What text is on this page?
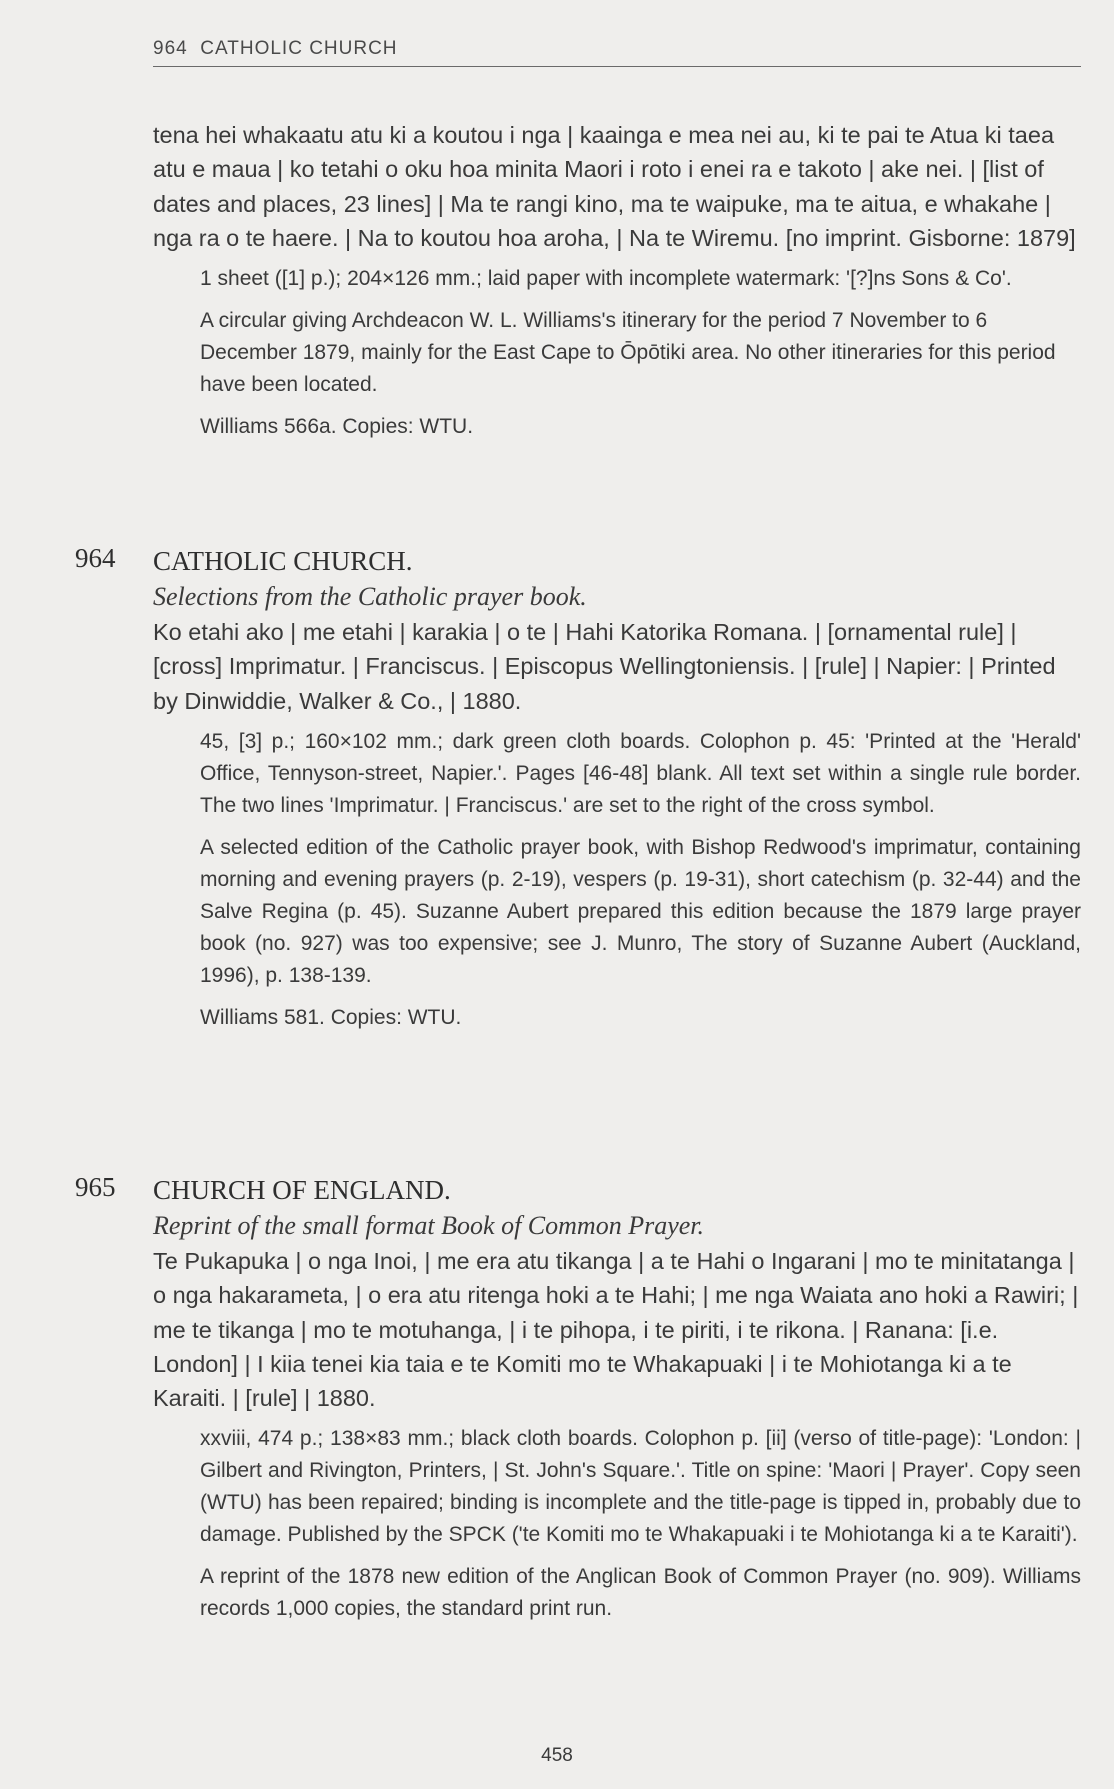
964 CATHOLIC CHURCH

tena hei whakaatu atu ki a koutou i nga | kaainga e mea nei au, ki te pai te Atua ki taea atu e maua | ko tetahi o oku hoa minita Maori i roto i enei ra e takoto | ake nei. | [list of dates and places, 23 lines] | Ma te rangi kino, ma te waipuke, ma te aitua, e whakahe | nga ra o te haere. | Na to koutou hoa aroha, | Na te Wiremu. [no imprint. Gisborne: 1879]

1 sheet ([1] p.); 204×126 mm.; laid paper with incomplete watermark: '[?]ns Sons & Co'.

A circular giving Archdeacon W. L. Williams's itinerary for the period 7 November to 6 December 1879, mainly for the East Cape to Ōpōtiki area. No other itineraries for this period have been located.

Williams 566a. Copies: WTU.

964 CATHOLIC CHURCH.

Selections from the Catholic prayer book.

Ko etahi ako | me etahi | karakia | o te | Hahi Katorika Romana. | [ornamental rule] | [cross] Imprimatur. | Franciscus. | Episcopus Wellingtoniensis. | [rule] | Napier: | Printed by Dinwiddie, Walker & Co., | 1880.

45, [3] p.; 160×102 mm.; dark green cloth boards. Colophon p. 45: 'Printed at the 'Herald' Office, Tennyson-street, Napier.'. Pages [46-48] blank. All text set within a single rule border. The two lines 'Imprimatur. | Franciscus.' are set to the right of the cross symbol.

A selected edition of the Catholic prayer book, with Bishop Redwood's imprimatur, containing morning and evening prayers (p. 2-19), vespers (p. 19-31), short catechism (p. 32-44) and the Salve Regina (p. 45). Suzanne Aubert prepared this edition because the 1879 large prayer book (no. 927) was too expensive; see J. Munro, The story of Suzanne Aubert (Auckland, 1996), p. 138-139.

Williams 581. Copies: WTU.

965 CHURCH OF ENGLAND.

Reprint of the small format Book of Common Prayer.

Te Pukapuka | o nga Inoi, | me era atu tikanga | a te Hahi o Ingarani | mo te minitatanga | o nga hakarameta, | o era atu ritenga hoki a te Hahi; | me nga Waiata ano hoki a Rawiri; | me te tikanga | mo te motuhanga, | i te pihopa, i te piriti, i te rikona. | Ranana: [i.e. London] | I kiia tenei kia taia e te Komiti mo te Whakapuaki | i te Mohiotanga ki a te Karaiti. | [rule] | 1880.

xxviii, 474 p.; 138×83 mm.; black cloth boards. Colophon p. [ii] (verso of title-page): 'London: | Gilbert and Rivington, Printers, | St. John's Square.'. Title on spine: 'Maori | Prayer'. Copy seen (WTU) has been repaired; binding is incomplete and the title-page is tipped in, probably due to damage. Published by the SPCK ('te Komiti mo te Whakapuaki i te Mohiotanga ki a te Karaiti').

A reprint of the 1878 new edition of the Anglican Book of Common Prayer (no. 909). Williams records 1,000 copies, the standard print run.

458
